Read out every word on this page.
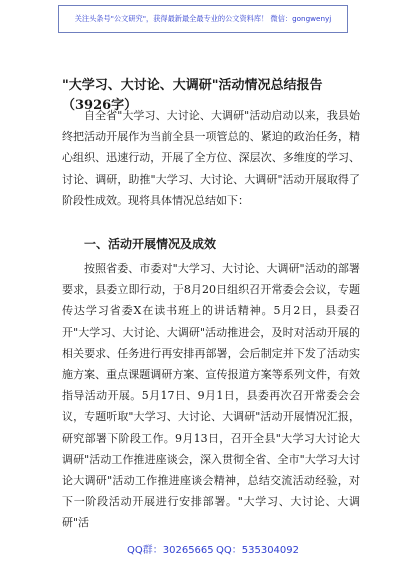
关注头条号"公文研究"，获得最新最全最专业的公文资料库！ 微信：gongwenyj
"大学习、大讨论、大调研"活动情况总结报告（3926字）
自全省"大学习、大讨论、大调研"活动启动以来，我县始终把活动开展作为当前全县一项管总的、紧迫的政治任务，精心组织、迅速行动，开展了全方位、深层次、多维度的学习、讨论、调研，助推"大学习、大讨论、大调研"活动开展取得了阶段性成效。现将具体情况总结如下：
一、活动开展情况及成效
按照省委、市委对"大学习、大讨论、大调研"活动的部署要求，县委立即行动，于8月20日组织召开常委会会议，专题传达学习省委X在读书班上的讲话精神。5月2日，县委召开"大学习、大讨论、大调研"活动推进会，及时对活动开展的相关要求、任务进行再安排再部署，会后制定并下发了活动实施方案、重点课题调研方案、宣传报道方案等系列文件，有效指导活动开展。5月17日、9月1日，县委再次召开常委会会议，专题听取"大学习、大讨论、大调研"活动开展情况汇报，研究部署下阶段工作。9月13日，召开全县"大学习大讨论大调研"活动工作推进座谈会，深入贯彻全省、全市"大学习大讨论大调研"活动工作推进座谈会精神，总结交流活动经验，对下一阶段活动开展进行安排部署。"大学习、大讨论、大调研"活
QQ群：30265665 QQ：535304092
